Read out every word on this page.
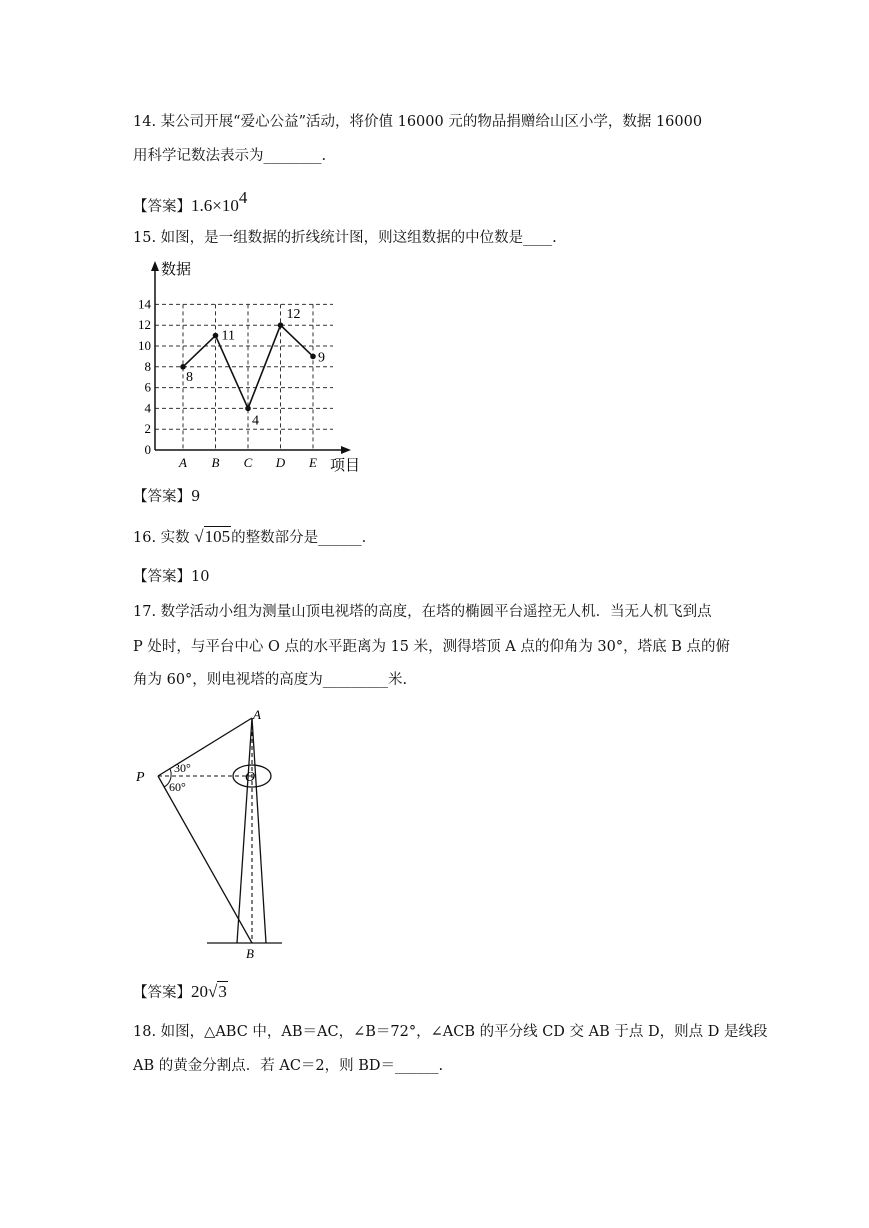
14. 某公司开展“爱心公益”活动，将价值 16000 元的物品捐赠给山区小学，数据 16000
用科学记数法表示为________.
【答案】$1.6\times 10^4$
15. 如图，是一组数据的折线统计图，则这组数据的中位数是____.
0
2
4
6
8
10
12
14
A B C D E
数据
项目
8
11
4
12
9
【答案】9
16. 实数 √105的整数部分是______.
【答案】10
17. 数学活动小组为测量山顶电视塔的高度，在塔的椭圆平台遥控无人机．当无人机飞到点
P 处时，与平台中心 O 点的水平距离为 15 米，测得塔顶 A 点的仰角为 30°，塔底 B 点的俯
角为 60°，则电视塔的高度为_________米.
A
B
P	O
30°
60°
【答案】20√3
18. 如图，△ABC 中，AB＝AC，∠B＝72°，∠ACB 的平分线 CD 交 AB 于点 D，则点 D 是线段
AB 的黄金分割点．若 AC＝2，则 BD＝______.
